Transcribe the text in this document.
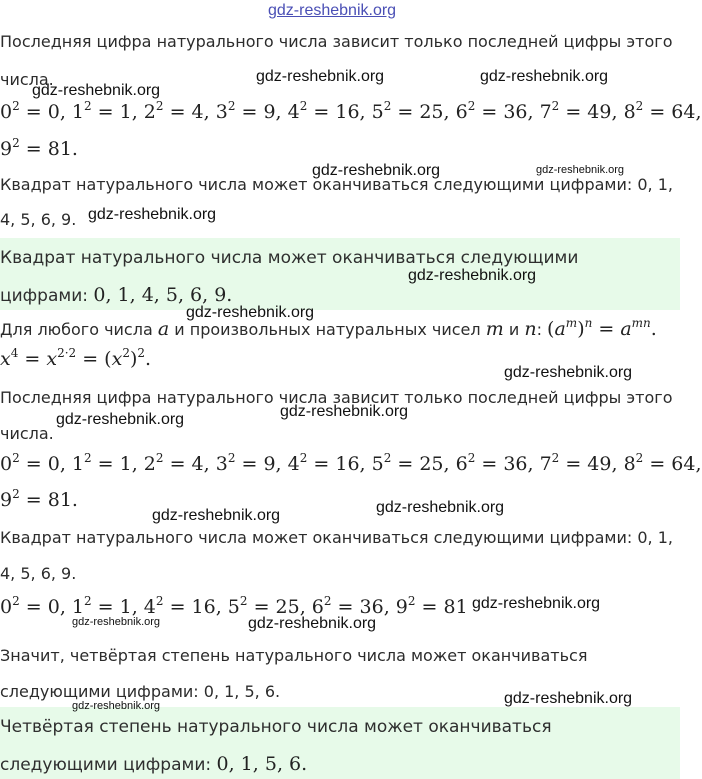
Последняя цифра натурального числа зависит только последней цифры этого
числа.
$0^2 = 0$, $1^2 = 1$, $2^2 = 4$, $3^2 = 9$, $4^2 = 16$, $5^2 = 25$, $6^2 = 36$, $7^2 = 49$, $8^2 = 64$,
$9^2 = 81$.
Квадрат натурального числа может оканчиваться следующими цифрами: 0, 1,
4, 5, 6, 9.
Квадрат натурального числа может оканчиваться следующими
цифрами: 0, 1, 4, 5, 6, 9.
Для любого числа a и произвольных натуральных чисел m и n: $(a^m)^n = a^{mn}$.
$x^4 = x^{2\cdot 2} = (x^2)^2$.
Последняя цифра натурального числа зависит только последней цифры этого
числа.
$0^2 = 0$, $1^2 = 1$, $2^2 = 4$, $3^2 = 9$, $4^2 = 16$, $5^2 = 25$, $6^2 = 36$, $7^2 = 49$, $8^2 = 64$,
$9^2 = 81$.
Квадрат натурального числа может оканчиваться следующими цифрами: 0, 1,
4, 5, 6, 9.
$0^2 = 0$, $1^2 = 1$, $4^2 = 16$, $5^2 = 25$, $6^2 = 36$, $9^2 = 81$
Значит, четвёртая степень натурального числа может оканчиваться
следующими цифрами: 0, 1, 5, 6.
Четвёртая степень натурального числа может оканчиваться
следующими цифрами: 0, 1, 5, 6.
gdz-reshebnik.org
gdz-reshebnik.org	gdz-reshebnik.org
gdz-reshebnik.org
gdz-reshebnik.org	gdz-reshebnik.org
gdz-reshebnik.org
gdz-reshebnik.org
gdz-reshebnik.org
gdz-reshebnik.org
gdz-reshebnik.org
gdz-reshebnik.org
gdz-reshebnik.org
gdz-reshebnik.org
gdz-reshebnik.org
gdz-reshebnik.org	gdz-reshebnik.org
gdz-reshebnik.org
gdz-reshebnik.org
